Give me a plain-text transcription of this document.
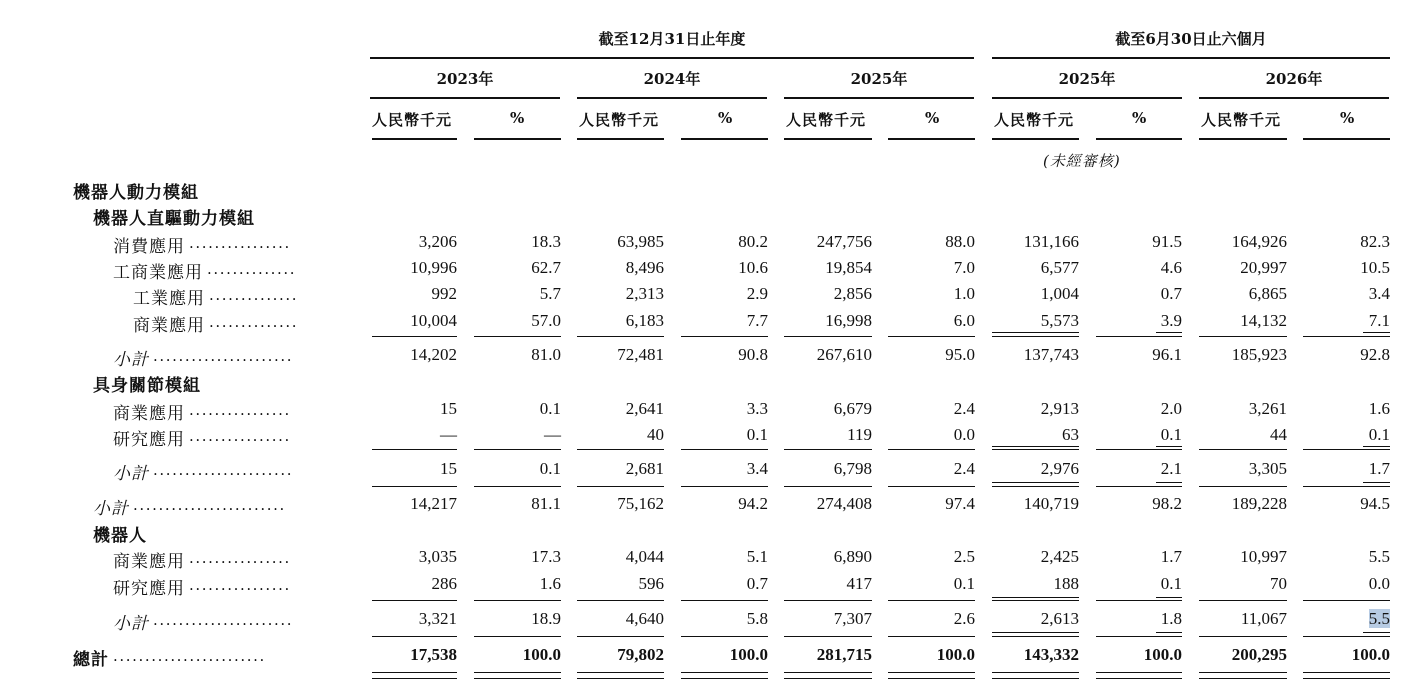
截至12月31日止年度	截至6月30日止六個月
2023年	2024年	2025年	2025年	2026年
人民幣千元	%	人民幣千元	%	人民幣千元	%	人民幣千元	%	人民幣千元	%
(未經審核)
機器人動力模組
機器人直驅動力模組
具身關節模組
機器人
消費應用 ................	3,206	18.3	63,985	80.2	247,756	88.0	131,166	91.5	164,926	82.3
工商業應用 ..............	10,996	62.7	8,496	10.6	19,854	7.0	6,577	4.6	20,997	10.5
工業應用 ..............	992	5.7	2,313	2.9	2,856	1.0	1,004	0.7	6,865	3.4
商業應用 ..............	10,004	57.0	6,183	7.7	16,998	6.0	5,573	3.9	14,132	7.1
小計 ......................	14,202	81.0	72,481	90.8	267,610	95.0	137,743	96.1	185,923	92.8
商業應用 ................	15	0.1	2,641	3.3	6,679	2.4	2,913	2.0	3,261	1.6
研究應用 ................	—	—	40	0.1	119	0.0	63	0.1	44	0.1
小計 ......................	15	0.1	2,681	3.4	6,798	2.4	2,976	2.1	3,305	1.7
小計 ........................	14,217	81.1	75,162	94.2	274,408	97.4	140,719	98.2	189,228	94.5
商業應用 ................	3,035	17.3	4,044	5.1	6,890	2.5	2,425	1.7	10,997	5.5
研究應用 ................	286	1.6	596	0.7	417	0.1	188	0.1	70	0.0
小計 ......................	3,321	18.9	4,640	5.8	7,307	2.6	2,613	1.8	11,067	5.5
總計 ........................	17,538	100.0	79,802	100.0	281,715	100.0	143,332	100.0	200,295	100.0
